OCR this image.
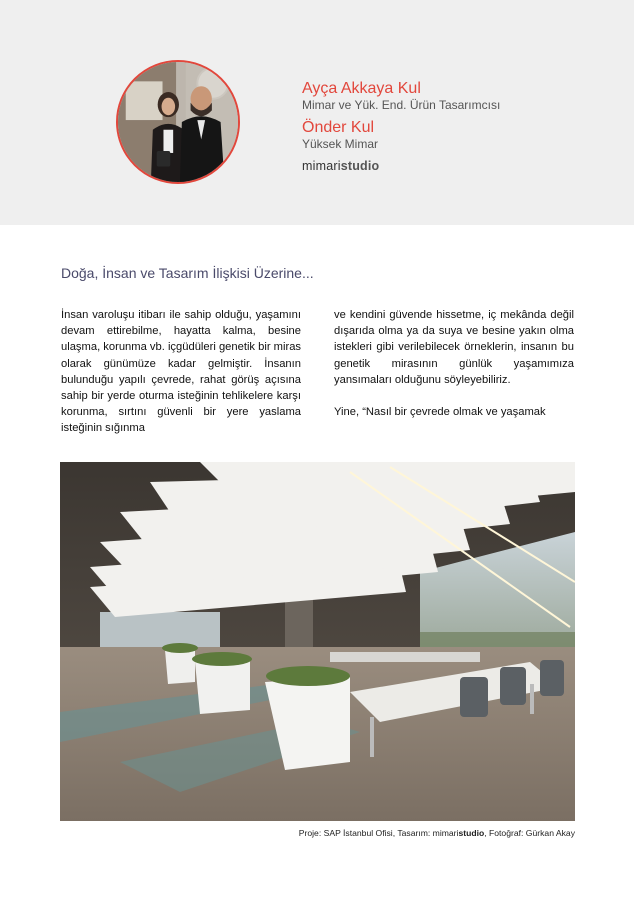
Ayça Akkaya Kul
Mimar ve Yük. End. Ürün Tasarımcısı
Önder Kul
Yüksek Mimar
mimaristudio
Doğa, İnsan ve Tasarım İlişkisi Üzerine...

İnsan varoluşu itibarı ile sahip olduğu, yaşamını devam ettirebilme, hayatta kalma, besine ulaşma, korunma vb. içgüdüleri genetik bir miras olarak günümüze kadar gelmiştir. İnsanın bulunduğu yapılı çevrede, rahat görüş açısına sahip bir yerde oturma isteğinin tehlikelere karşı korunma, sırtını güvenli bir yere yaslama isteğinin sığınma

ve kendini güvende hissetme, iç mekânda değil dışarıda olma ya da suya ve besine yakın olma istekleri gibi verilebilecek örneklerin, insanın bu genetik mirasının günlük yaşamımıza yansımaları olduğunu söyleyebiliriz.

Yine, “Nasıl bir çevrede olmak ve yaşamak

Proje: SAP İstanbul Ofisi, Tasarım: mimaristudio, Fotoğraf: Gürkan Akay
